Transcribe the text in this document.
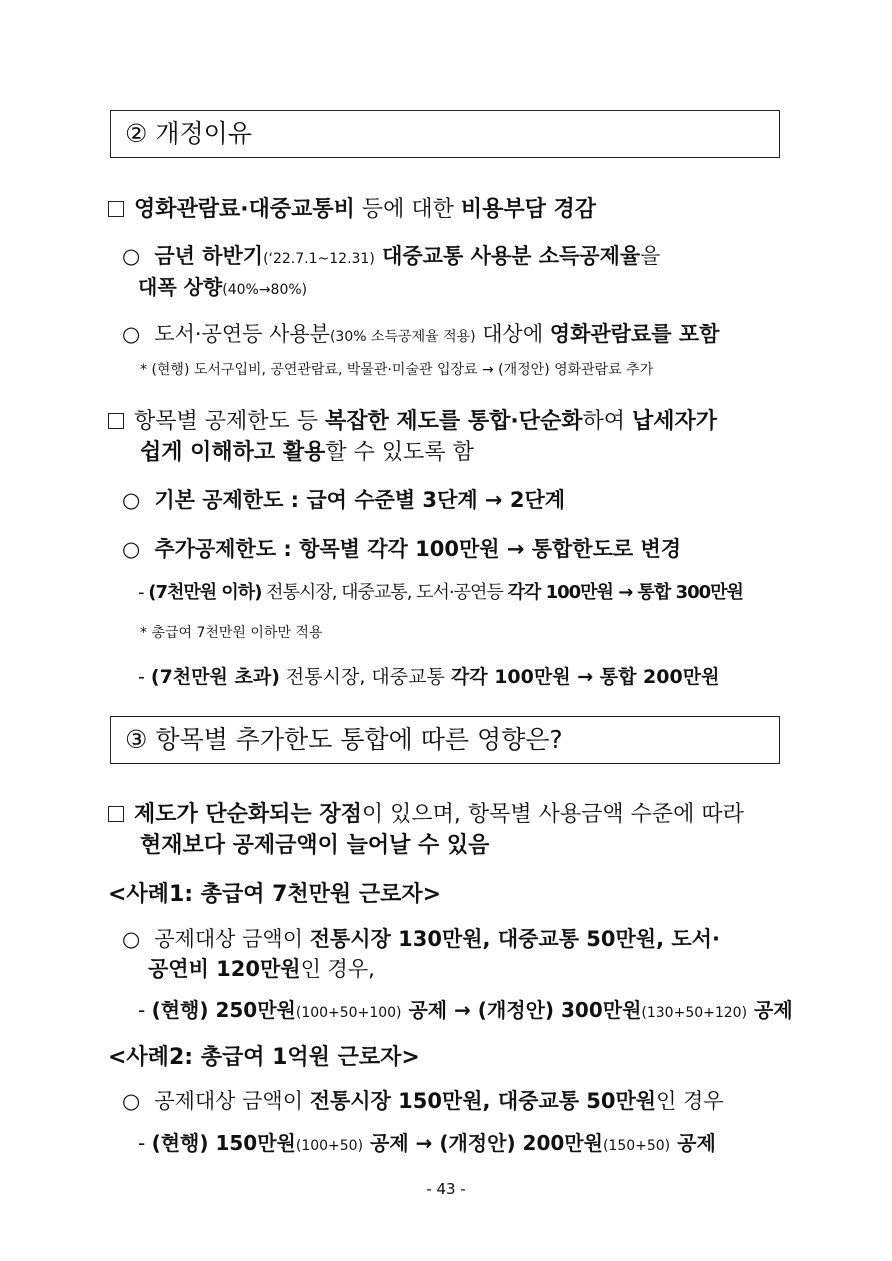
② 개정이유
영화관람료·대중교통비 등에 대한 비용부담 경감
○ 금년 하반기(‘22.7.1~12.31) 대중교통 사용분 소득공제율을
대폭 상향(40%→80%)
○ 도서·공연등 사용분(30% 소득공제율 적용) 대상에 영화관람료를 포함
* (현행) 도서구입비, 공연관람료, 박물관·미술관 입장료 → (개정안) 영화관람료 추가
항목별 공제한도 등 복잡한 제도를 통합·단순화하여 납세자가
쉽게 이해하고 활용할 수 있도록 함
○ 기본 공제한도 : 급여 수준별 3단계 → 2단계
○ 추가공제한도 : 항목별 각각 100만원 → 통합한도로 변경
- (7천만원 이하) 전통시장, 대중교통, 도서·공연등 각각 100만원 → 통합 300만원
* 총급여 7천만원 이하만 적용
- (7천만원 초과) 전통시장, 대중교통 각각 100만원 → 통합 200만원
③ 항목별 추가한도 통합에 따른 영향은?
제도가 단순화되는 장점이 있으며, 항목별 사용금액 수준에 따라
현재보다 공제금액이 늘어날 수 있음
<사례1: 총급여 7천만원 근로자>
○ 공제대상 금액이 전통시장 130만원, 대중교통 50만원, 도서·
공연비 120만원인 경우,
- (현행) 250만원(100+50+100) 공제 → (개정안) 300만원(130+50+120) 공제
<사례2: 총급여 1억원 근로자>
○ 공제대상 금액이 전통시장 150만원, 대중교통 50만원인 경우
- (현행) 150만원(100+50) 공제 → (개정안) 200만원(150+50) 공제
- 43 -
